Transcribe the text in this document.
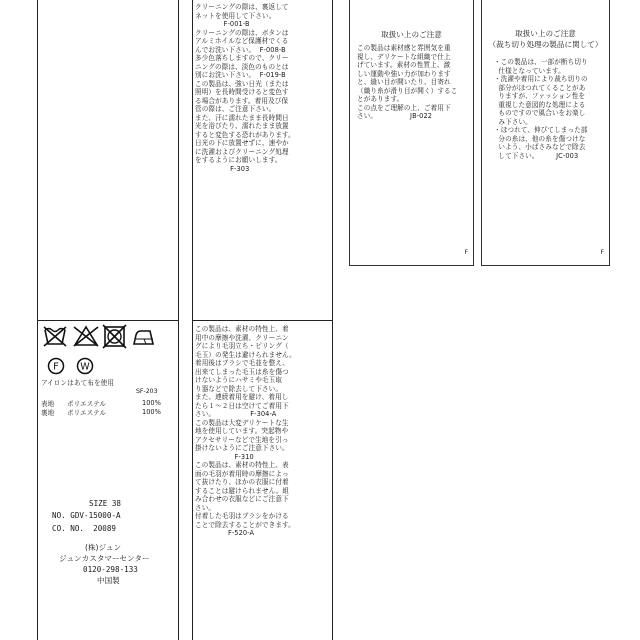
クリーニングの際は、裏返して
ネットを使用して下さい。
F-001-B
クリーニングの際は、ボタンは
アルミホイルなど保護材でくる
んでお洗い下さい。  F-008-B
多少色落ちしますので、クリー
ニングの際は、淡色のものとは
別にお洗い下さい。  F-019-B
この製品は、強い日光（または
照明）を長時間受けると変色す
る場合があります。着用及び保
管の際は、ご注意下さい。
また、汗に濡れたまま長時間日
光を浴びたり、濡れたまま放置
すると変色する恐れがあります。
日光の下に放置せずに、速やか
に洗濯およびクリーニング処理
をするようにお願いします。
F-303
この製品は、素材の特性上、着
用中の摩擦や洗濯、クリーニン
グにより毛羽立ち・ピリング（
毛玉）の発生は避けられません。
着用後はブラシで毛並を整え、
出来てしまった毛玉は糸を傷つ
けないようにハサミや毛玉取
り器などで除去して下さい。
また、連続着用を避け、着用し
たら１～２日は空けてご着用下
さい。                F-304-A
この製品は大変デリケートな生
地を使用しています。突起物や
アクセサリーなどで生地を引っ
掛けないようにご注意下さい。
F-310
この製品は、素材の特性上、表
面の毛羽が着用時の摩擦によっ
て抜けたり、ほかの衣服に付着
することは避けられません。組
み合わせの衣服などにご注意下
さい。
付着した毛羽はブラシをかける
ことで除去することができます。
F-520-A
取扱い上のご注意
この製品は素材感と雰囲気を重
視し、デリケートな組織で仕上
げています。素材の性質上、激
しい運動や強い力が加わります
と、縫い目が開いたり、目寄れ
（織り糸が滑り目が開く）するこ
とがあります。
この点をご理解の上、ご着用下
さい。               JB-022
F
取扱い上のご注意
（裁ち切り処理の製品に関して）
・この製品は、一部が断ち切り
仕様となっています。
・洗濯や着用により裁ち切りの
部分がほつれてくることがあ
りますが、ファッション性を
重視した意図的な処理による
ものですので風合いをお楽し
み下さい。
・ほつれて、伸びてしまった部
分の糸は、他の糸を傷つけな
いよう、小ばさみなどで除去
して下さい。        JC-003
F
F W
アイロンはあて布を使用
SF-203
表地	ポリエステル	100%
裏地	ポリエステル	100%
SIZE 38
NO. GDV-15000-A
CO. NO.  20089
(株)ジュン
ジュンカスタマーセンター
0120-298-133
中国製
